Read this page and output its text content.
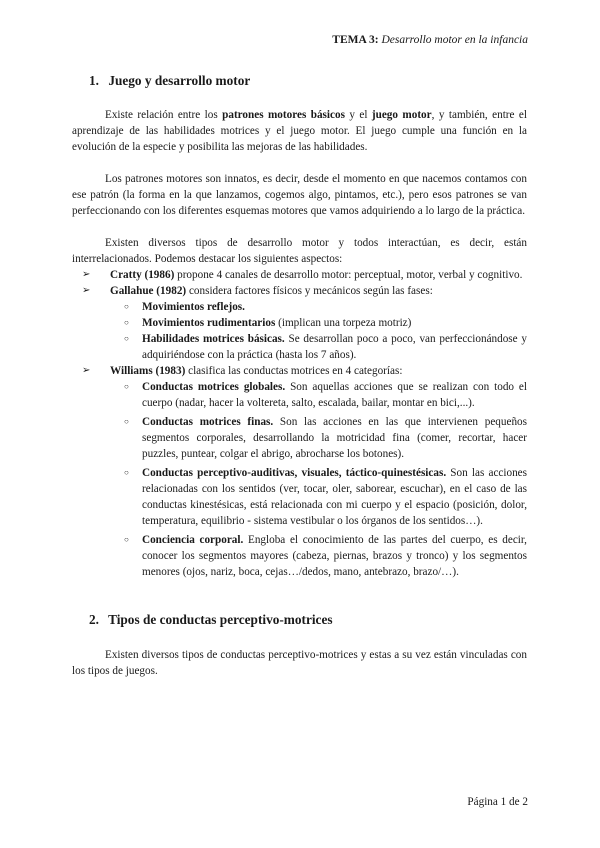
TEMA 3: Desarrollo motor en la infancia
1. Juego y desarrollo motor

Existe relación entre los patrones motores básicos y el juego motor, y también, entre el aprendizaje de las habilidades motrices y el juego motor. El juego cumple una función en la evolución de la especie y posibilita las mejoras de las habilidades.

Los patrones motores son innatos, es decir, desde el momento en que nacemos contamos con ese patrón (la forma en la que lanzamos, cogemos algo, pintamos, etc.), pero esos patrones se van perfeccionando con los diferentes esquemas motores que vamos adquiriendo a lo largo de la práctica.

Existen diversos tipos de desarrollo motor y todos interactúan, es decir, están interrelacionados. Podemos destacar los siguientes aspectos:

➢ Cratty (1986) propone 4 canales de desarrollo motor: perceptual, motor, verbal y cognitivo.
➢ Gallahue (1982) considera factores físicos y mecánicos según las fases:
○ Movimientos reflejos.
○ Movimientos rudimentarios (implican una torpeza motriz)
○ Habilidades motrices básicas. Se desarrollan poco a poco, van perfeccionándose y adquiriéndose con la práctica (hasta los 7 años).
➢ Williams (1983) clasifica las conductas motrices en 4 categorías:
○ Conductas motrices globales. Son aquellas acciones que se realizan con todo el cuerpo (nadar, hacer la voltereta, salto, escalada, bailar, montar en bici,...).
○ Conductas motrices finas. Son las acciones en las que intervienen pequeños segmentos corporales, desarrollando la motricidad fina (comer, recortar, hacer puzzles, puntear, colgar el abrigo, abrocharse los botones).
○ Conductas perceptivo-auditivas, visuales, táctico-quinestésicas. Son las acciones relacionadas con los sentidos (ver, tocar, oler, saborear, escuchar), en el caso de las conductas kinestésicas, está relacionada con mi cuerpo y el espacio (posición, dolor, temperatura, equilibrio - sistema vestibular o los órganos de los sentidos…).
○ Conciencia corporal. Engloba el conocimiento de las partes del cuerpo, es decir, conocer los segmentos mayores (cabeza, piernas, brazos y tronco) y los segmentos menores (ojos, nariz, boca, cejas…/dedos, mano, antebrazo, brazo/…).
2. Tipos de conductas perceptivo-motrices

Existen diversos tipos de conductas perceptivo-motrices y estas a su vez están vinculadas con los tipos de juegos.

Página 1 de 2
